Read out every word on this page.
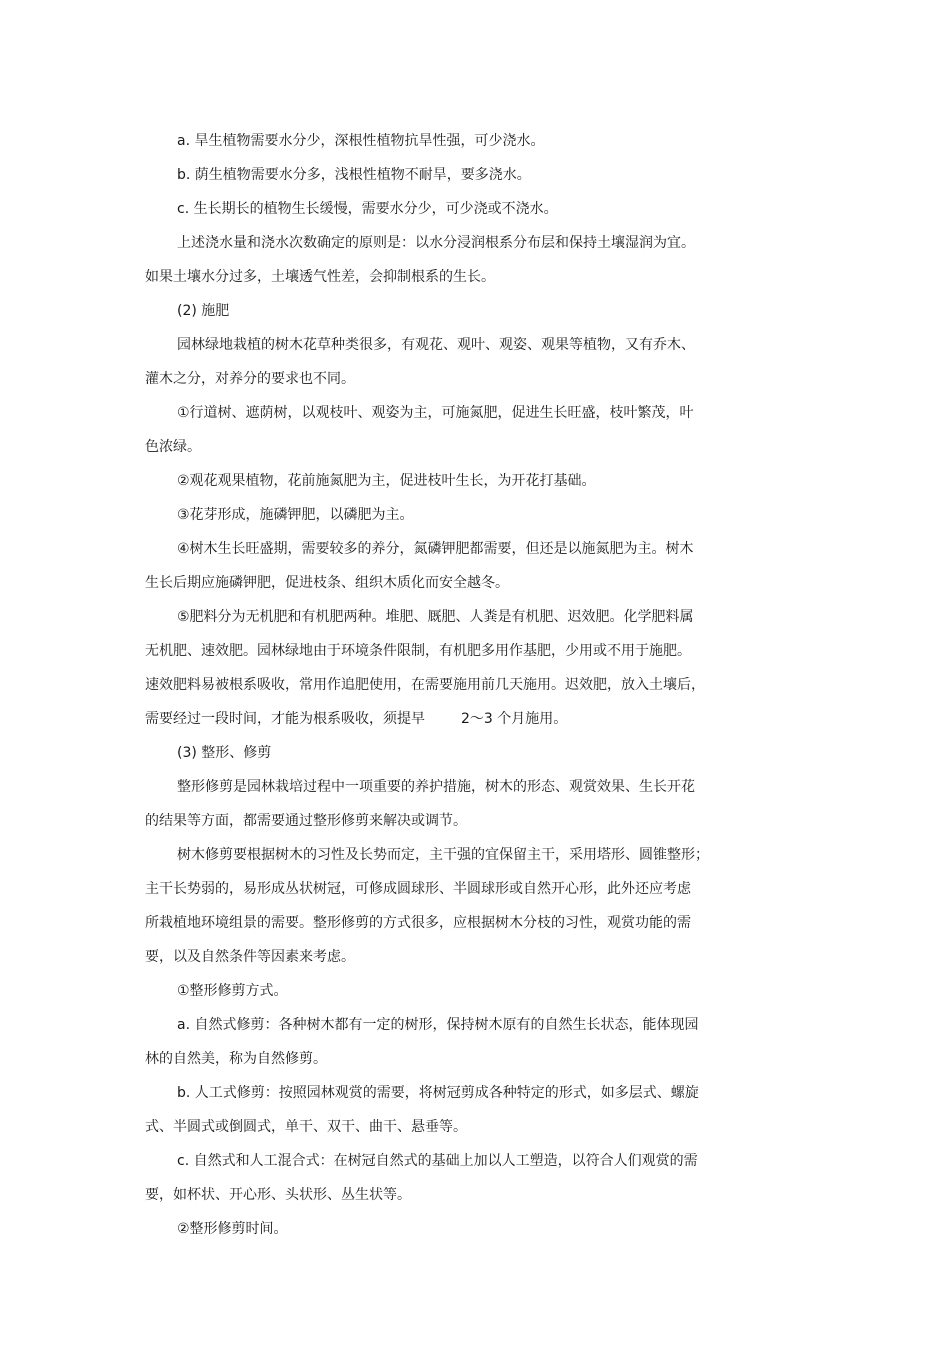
a. 旱生植物需要水分少，深根性植物抗旱性强，可少浇水。

b. 荫生植物需要水分多，浅根性植物不耐旱，要多浇水。

c. 生长期长的植物生长缓慢，需要水分少，可少浇或不浇水。

上述浇水量和浇水次数确定的原则是：以水分浸润根系分布层和保持土壤湿润为宜。

如果土壤水分过多，土壤透气性差，会抑制根系的生长。

(2) 施肥

园林绿地栽植的树木花草种类很多，有观花、观叶、观姿、观果等植物，又有乔木、

灌木之分，对养分的要求也不同。

①行道树、遮荫树，以观枝叶、观姿为主，可施氮肥，促进生长旺盛，枝叶繁茂，叶

色浓绿。

②观花观果植物，花前施氮肥为主，促进枝叶生长，为开花打基础。

③花芽形成，施磷钾肥，以磷肥为主。

④树木生长旺盛期，需要较多的养分，氮磷钾肥都需要，但还是以施氮肥为主。树木

生长后期应施磷钾肥，促进枝条、组织木质化而安全越冬。

⑤肥料分为无机肥和有机肥两种。堆肥、厩肥、人粪是有机肥、迟效肥。化学肥料属

无机肥、速效肥。园林绿地由于环境条件限制，有机肥多用作基肥，少用或不用于施肥。

速效肥料易被根系吸收，常用作追肥使用，在需要施用前几天施用。迟效肥，放入土壤后，

需要经过一段时间，才能为根系吸收，须提早	2～3 个月施用。

(3) 整形、修剪

整形修剪是园林栽培过程中一项重要的养护措施，树木的形态、观赏效果、生长开花

的结果等方面，都需要通过整形修剪来解决或调节。

树木修剪要根据树木的习性及长势而定，主干强的宜保留主干，采用塔形、圆锥整形；

主干长势弱的，易形成丛状树冠，可修成圆球形、半圆球形或自然开心形，此外还应考虑

所栽植地环境组景的需要。整形修剪的方式很多，应根据树木分枝的习性，观赏功能的需

要，以及自然条件等因素来考虑。

①整形修剪方式。

a. 自然式修剪：各种树木都有一定的树形，保持树木原有的自然生长状态，能体现园

林的自然美，称为自然修剪。

b. 人工式修剪：按照园林观赏的需要，将树冠剪成各种特定的形式，如多层式、螺旋

式、半圆式或倒圆式，单干、双干、曲干、悬垂等。

c. 自然式和人工混合式：在树冠自然式的基础上加以人工塑造，以符合人们观赏的需

要，如杯状、开心形、头状形、丛生状等。

②整形修剪时间。
